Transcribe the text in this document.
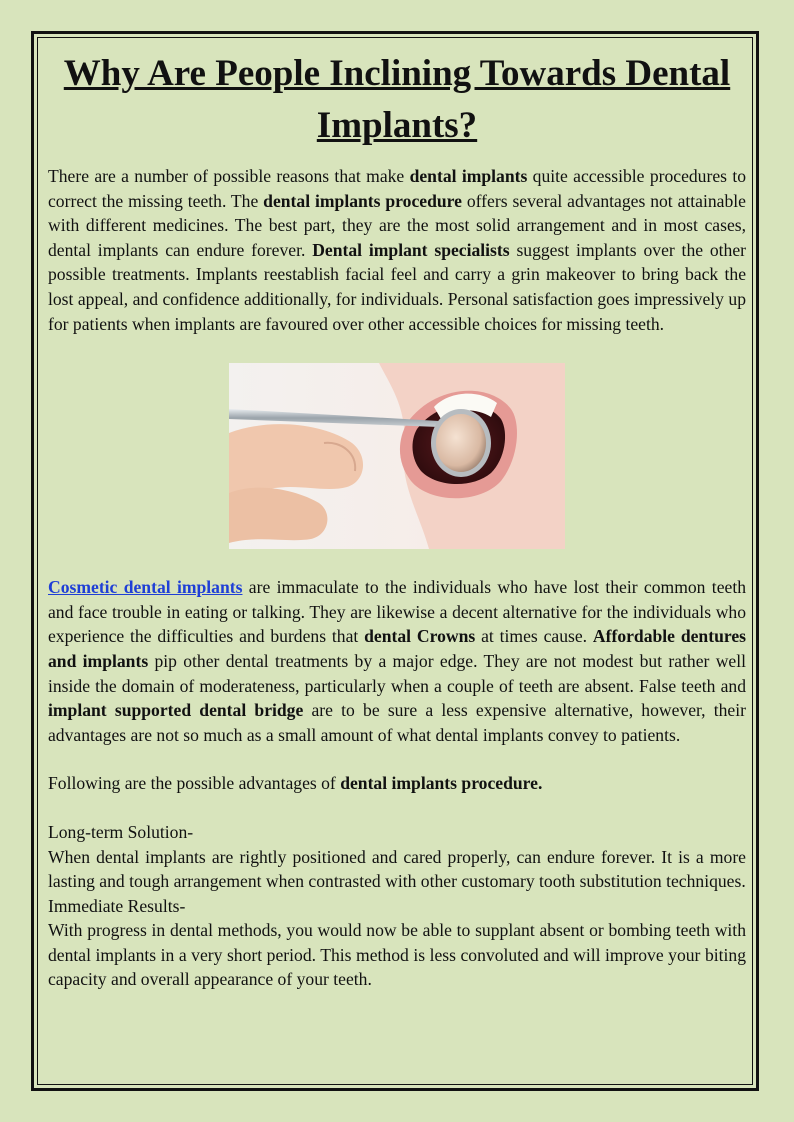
Why Are People Inclining Towards Dental Implants?

There are a number of possible reasons that make dental implants quite accessible procedures to correct the missing teeth. The dental implants procedure offers several advantages not attainable with different medicines. The best part, they are the most solid arrangement and in most cases, dental implants can endure forever. Dental implant specialists suggest implants over the other possible treatments. Implants reestablish facial feel and carry a grin makeover to bring back the lost appeal, and confidence additionally, for individuals. Personal satisfaction goes impressively up for patients when implants are favoured over other accessible choices for missing teeth.

Cosmetic dental implants are immaculate to the individuals who have lost their common teeth and face trouble in eating or talking. They are likewise a decent alternative for the individuals who experience the difficulties and burdens that dental Crowns at times cause. Affordable dentures and implants pip other dental treatments by a major edge. They are not modest but rather well inside the domain of moderateness, particularly when a couple of teeth are absent. False teeth and implant supported dental bridge are to be sure a less expensive alternative, however, their advantages are not so much as a small amount of what dental implants convey to patients.

Following are the possible advantages of dental implants procedure.

Long-term Solution-

When dental implants are rightly positioned and cared properly, can endure forever. It is a more lasting and tough arrangement when contrasted with other customary tooth substitution techniques.

Immediate Results-

With progress in dental methods, you would now be able to supplant absent or bombing teeth with dental implants in a very short period. This method is less convoluted and will improve your biting capacity and overall appearance of your teeth.
